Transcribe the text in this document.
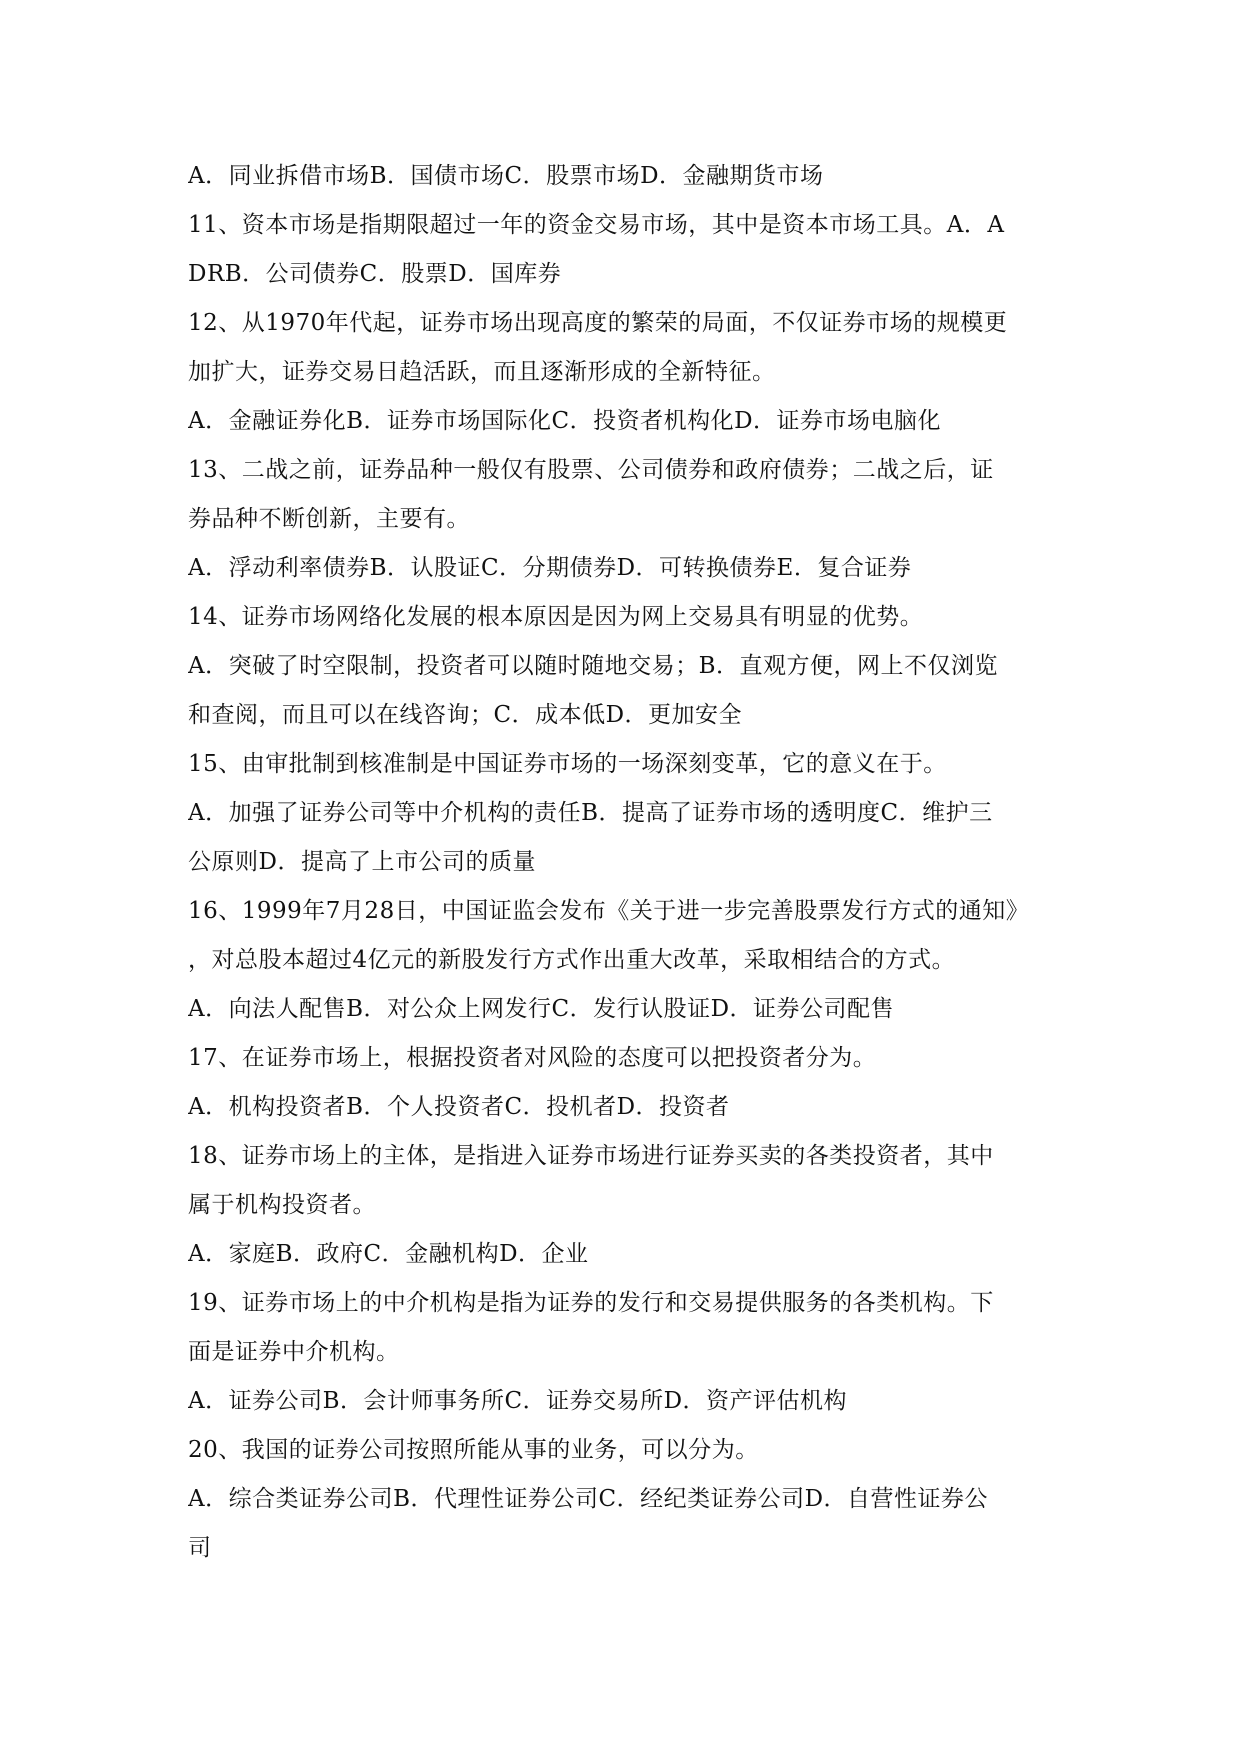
A．同业拆借市场B．国债市场C．股票市场D．金融期货市场
11、资本市场是指期限超过一年的资金交易市场，其中是资本市场工具。A．A
DRB．公司债券C．股票D．国库券
12、从1970年代起，证券市场出现高度的繁荣的局面，不仅证券市场的规模更
加扩大，证券交易日趋活跃，而且逐渐形成的全新特征。
A．金融证券化B．证券市场国际化C．投资者机构化D．证券市场电脑化
13、二战之前，证券品种一般仅有股票、公司债券和政府债券；二战之后，证
券品种不断创新，主要有。
A．浮动利率债券B．认股证C．分期债券D．可转换债券E．复合证券
14、证券市场网络化发展的根本原因是因为网上交易具有明显的优势。
A．突破了时空限制，投资者可以随时随地交易；B．直观方便，网上不仅浏览
和查阅，而且可以在线咨询；C．成本低D．更加安全
15、由审批制到核准制是中国证券市场的一场深刻变革，它的意义在于。
A．加强了证券公司等中介机构的责任B．提高了证券市场的透明度C．维护三
公原则D．提高了上市公司的质量
16、1999年7月28日，中国证监会发布《关于进一步完善股票发行方式的通知》
，对总股本超过4亿元的新股发行方式作出重大改革，采取相结合的方式。
A．向法人配售B．对公众上网发行C．发行认股证D．证券公司配售
17、在证券市场上，根据投资者对风险的态度可以把投资者分为。
A．机构投资者B．个人投资者C．投机者D．投资者
18、证券市场上的主体，是指进入证券市场进行证券买卖的各类投资者，其中
属于机构投资者。
A．家庭B．政府C．金融机构D．企业
19、证券市场上的中介机构是指为证券的发行和交易提供服务的各类机构。下
面是证券中介机构。
A．证券公司B．会计师事务所C．证券交易所D．资产评估机构
20、我国的证券公司按照所能从事的业务，可以分为。
A．综合类证券公司B．代理性证券公司C．经纪类证券公司D．自营性证券公
司
